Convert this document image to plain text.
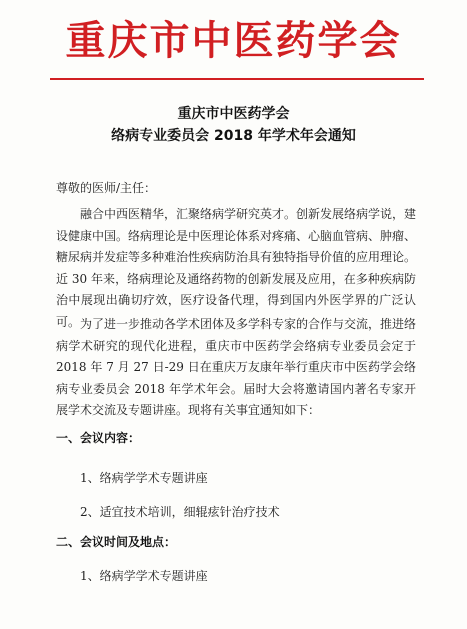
重庆市中医药学会
重庆市中医药学会
络病专业委员会 2018 年学术年会通知
尊敬的医师/主任：
融合中西医精华，汇聚络病学研究英才。创新发展络病学说，建设健康中国。络病理论是中医理论体系对疼痛、心脑血管病、肿瘤、糖尿病并发症等多种难治性疾病防治具有独特指导价值的应用理论。近 30 年来，络病理论及通络药物的创新发展及应用，在多种疾病防治中展现出确切疗效，医疗设备代理，得到国内外医学界的广泛认可。 为了进一步推动各学术团体及多学科专家的合作与交流，推进络病学术研究的现代化进程，重庆市中医药学会络病专业委员会定于 2018 年 7 月 27 日-29 日在重庆万友康年举行重庆市中医药学会络病专业委员会 2018 年学术年会。届时大会将邀请国内著名专家开展学术交流及专题讲座。现将有关事宜通知如下：
一、会议内容：
1、络病学学术专题讲座
2、适宜技术培训，细辊痃针治疗技术
二、会议时间及地点：
1、络病学学术专题讲座
